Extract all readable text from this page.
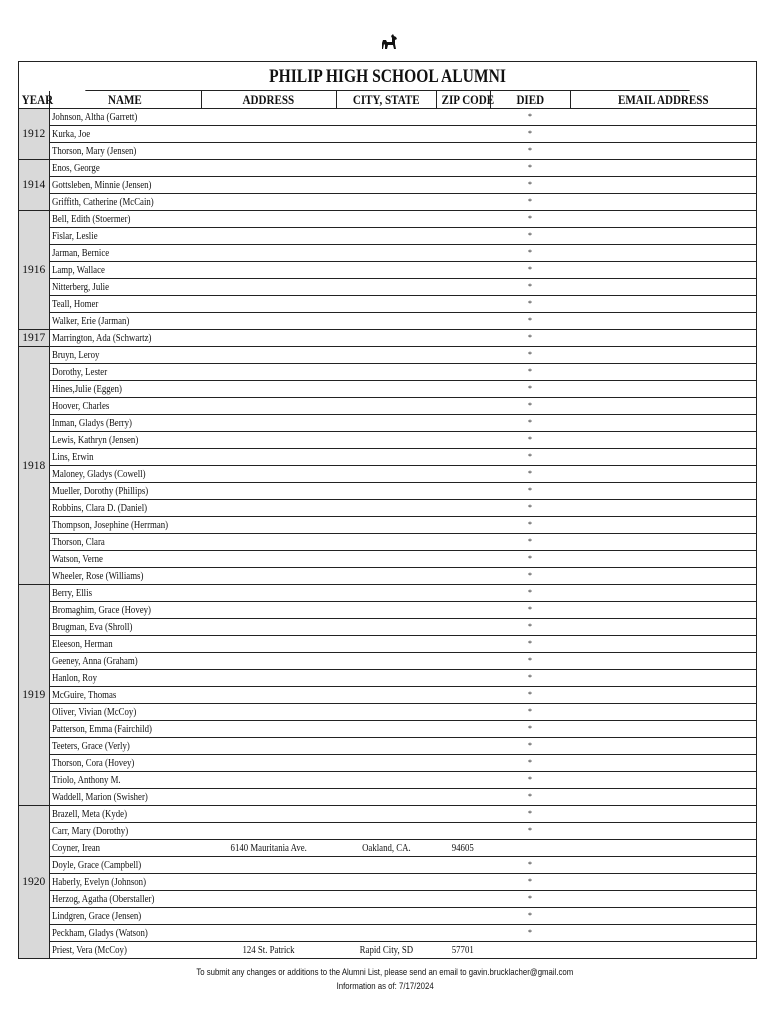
PHILIP HIGH SCHOOL ALUMNI
YEAR	NAME	ADDRESS	CITY, STATE	ZIP CODE	DIED	EMAIL ADDRESS
1912	Johnson, Altha (Garrett)				*	
	Kurka, Joe				*	
	Thorson, Mary (Jensen)				*	
1914	Enos, George				*	
	Gottsleben, Minnie (Jensen)				*	
	Griffith, Catherine (McCain)				*	
1916	Bell, Edith (Stoermer)				*	
	Fislar, Leslie				*	
	Jarman, Bernice				*	
	Lamp, Wallace				*	
	Nitterberg, Julie				*	
	Teall, Homer				*	
	Walker, Erie (Jarman)				*	
1917	Marrington, Ada (Schwartz)				*	
1918	Bruyn, Leroy				*	
	Dorothy, Lester				*	
	Hines,Julie (Eggen)				*	
	Hoover, Charles				*	
	Inman, Gladys (Berry)				*	
	Lewis, Kathryn (Jensen)				*	
	Lins, Erwin				*	
	Maloney, Gladys (Cowell)				*	
	Mueller, Dorothy (Phillips)				*	
	Robbins, Clara D. (Daniel)				*	
	Thompson, Josephine (Herrman)				*	
	Thorson, Clara				*	
	Watson, Verne				*	
	Wheeler, Rose (Williams)				*	
1919	Berry, Ellis				*	
	Bromaghim, Grace (Hovey)				*	
	Brugman, Eva (Shroll)				*	
	Eleeson, Herman				*	
	Geeney, Anna (Graham)				*	
	Hanlon, Roy				*	
	McGuire, Thomas				*	
	Oliver, Vivian (McCoy)				*	
	Patterson, Emma (Fairchild)				*	
	Teeters, Grace (Verly)				*	
	Thorson, Cora (Hovey)				*	
	Triolo, Anthony M.				*	
	Waddell, Marion (Swisher)				*	
1920	Brazell, Meta (Kyde)				*	
	Carr, Mary (Dorothy)				*	
	Coyner, Irean	6140 Mauritania Ave.	Oakland, CA.	94605		
	Doyle, Grace (Campbell)				*	
	Haberly, Evelyn (Johnson)				*	
	Herzog, Agatha (Oberstaller)				*	
	Lindgren, Grace (Jensen)				*	
	Peckham, Gladys (Watson)				*	
	Priest, Vera (McCoy)	124 St. Patrick	Rapid City, SD	57701		
To submit any changes or additions to the Alumni List, please send an email to gavin.brucklacher@gmail.com
Information as of: 7/17/2024
